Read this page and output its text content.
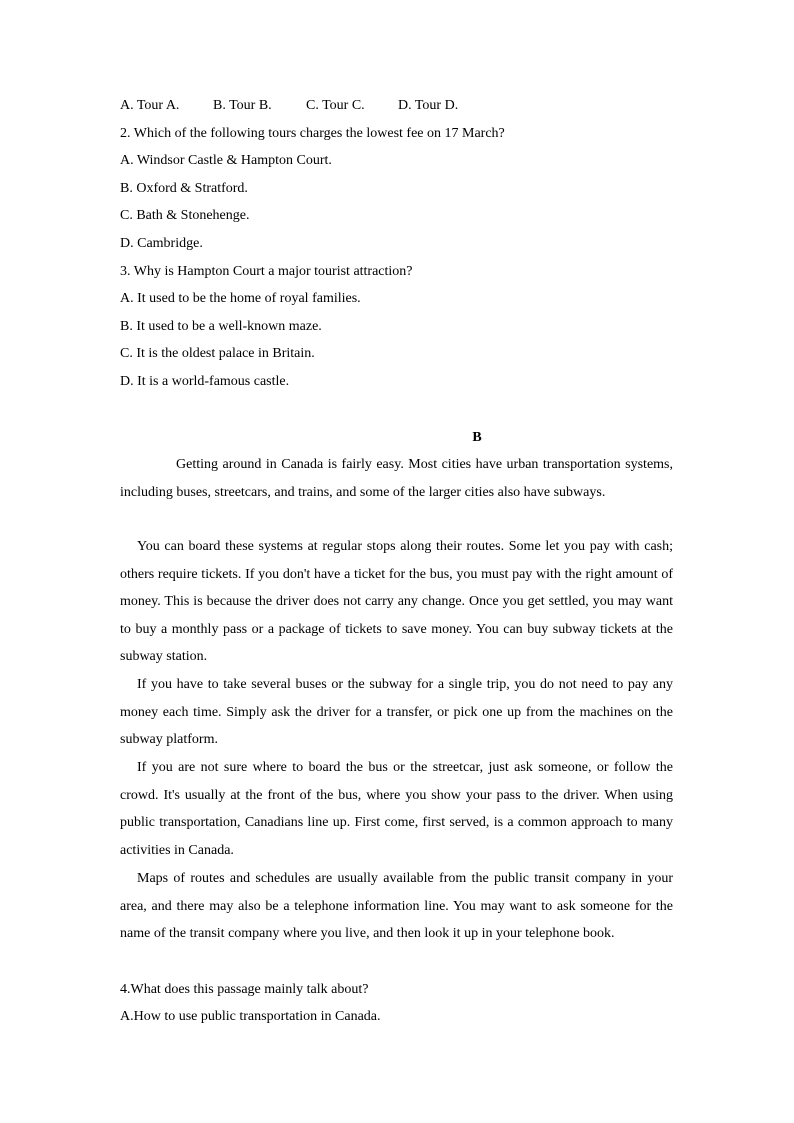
A. Tour A. B. Tour B. C. Tour C. D. Tour D.
2. Which of the following tours charges the lowest fee on 17 March?
A. Windsor Castle & Hampton Court.
B. Oxford & Stratford.
C. Bath & Stonehenge.
D. Cambridge.
3. Why is Hampton Court a major tourist attraction?
A. It used to be the home of royal families.
B. It used to be a well-known maze.
C. It is the oldest palace in Britain.
D. It is a world-famous castle.
B
Getting around in Canada is fairly easy. Most cities have urban transportation systems, including buses, streetcars, and trains, and some of the larger cities also have subways.
You can board these systems at regular stops along their routes. Some let you pay with cash; others require tickets. If you don't have a ticket for the bus, you must pay with the right amount of money. This is because the driver does not carry any change. Once you get settled, you may want to buy a monthly pass or a package of tickets to save money. You can buy subway tickets at the subway station.
If you have to take several buses or the subway for a single trip, you do not need to pay any money each time. Simply ask the driver for a transfer, or pick one up from the machines on the subway platform.
If you are not sure where to board the bus or the streetcar, just ask someone, or follow the crowd. It's usually at the front of the bus, where you show your pass to the driver. When using public transportation, Canadians line up. First come, first served, is a common approach to many activities in Canada.
Maps of routes and schedules are usually available from the public transit company in your area, and there may also be a telephone information line. You may want to ask someone for the name of the transit company where you live, and then look it up in your telephone book.
4.What does this passage mainly talk about?
A.How to use public transportation in Canada.
